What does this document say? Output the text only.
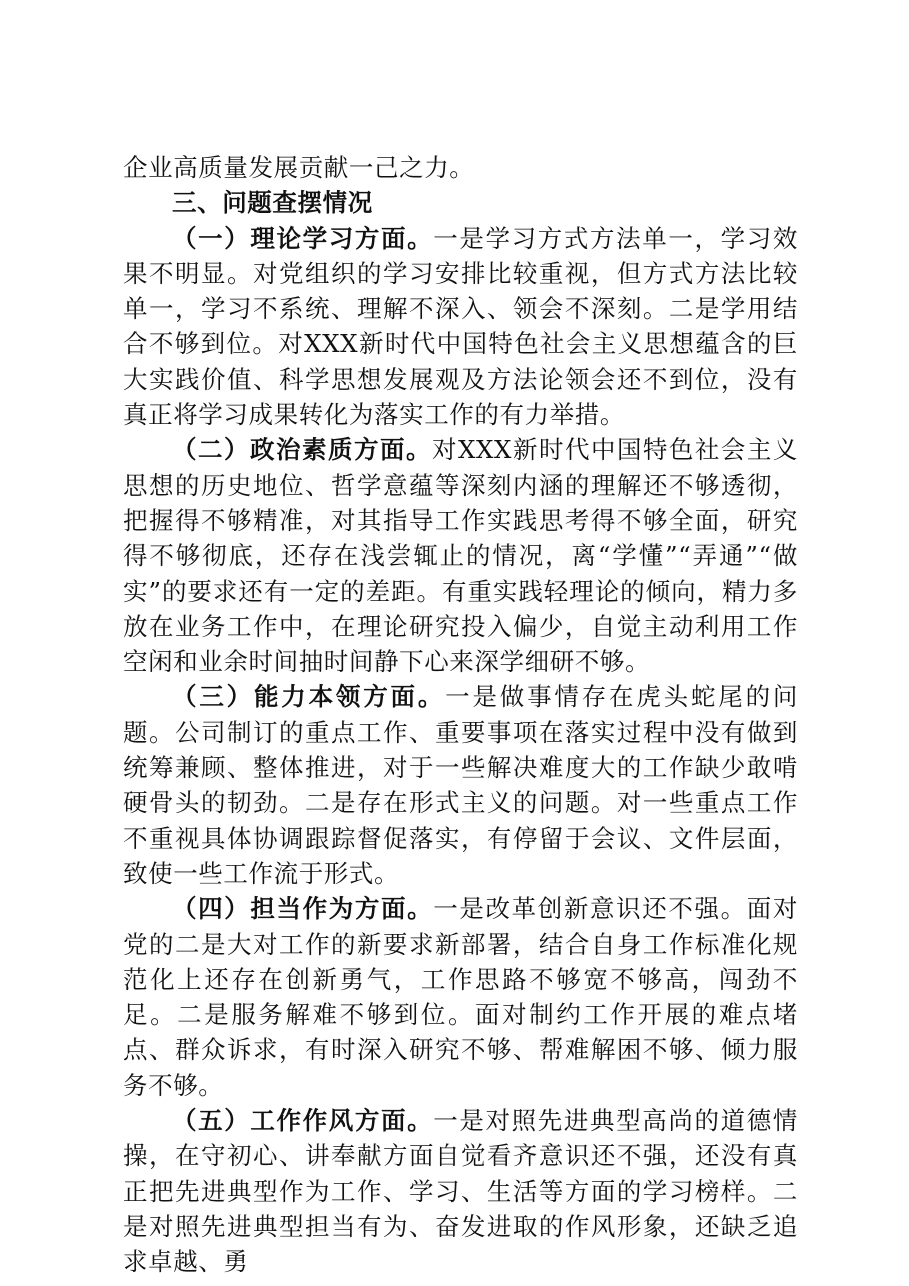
企业高质量发展贡献一己之力。

三、问题查摆情况

（一）理论学习方面。一是学习方式方法单一，学习效果不明显。对党组织的学习安排比较重视，但方式方法比较单一，学习不系统、理解不深入、领会不深刻。二是学用结合不够到位。对XXX新时代中国特色社会主义思想蕴含的巨大实践价值、科学思想发展观及方法论领会还不到位，没有真正将学习成果转化为落实工作的有力举措。

（二）政治素质方面。对XXX新时代中国特色社会主义思想的历史地位、哲学意蕴等深刻内涵的理解还不够透彻，把握得不够精准，对其指导工作实践思考得不够全面，研究得不够彻底，还存在浅尝辄止的情况，离“学懂”“弄通”“做实”的要求还有一定的差距。有重实践轻理论的倾向，精力多放在业务工作中，在理论研究投入偏少，自觉主动利用工作空闲和业余时间抽时间静下心来深学细研不够。

（三）能力本领方面。一是做事情存在虎头蛇尾的问题。公司制订的重点工作、重要事项在落实过程中没有做到统筹兼顾、整体推进，对于一些解决难度大的工作缺少敢啃硬骨头的韧劲。二是存在形式主义的问题。对一些重点工作不重视具体协调跟踪督促落实，有停留于会议、文件层面，致使一些工作流于形式。

（四）担当作为方面。一是改革创新意识还不强。面对党的二是大对工作的新要求新部署，结合自身工作标准化规范化上还存在创新勇气，工作思路不够宽不够高，闯劲不足。二是服务解难不够到位。面对制约工作开展的难点堵点、群众诉求，有时深入研究不够、帮难解困不够、倾力服务不够。

（五）工作作风方面。一是对照先进典型高尚的道德情操，在守初心、讲奉献方面自觉看齐意识还不强，还没有真正把先进典型作为工作、学习、生活等方面的学习榜样。二是对照先进典型担当有为、奋发进取的作风形象，还缺乏追求卓越、勇
